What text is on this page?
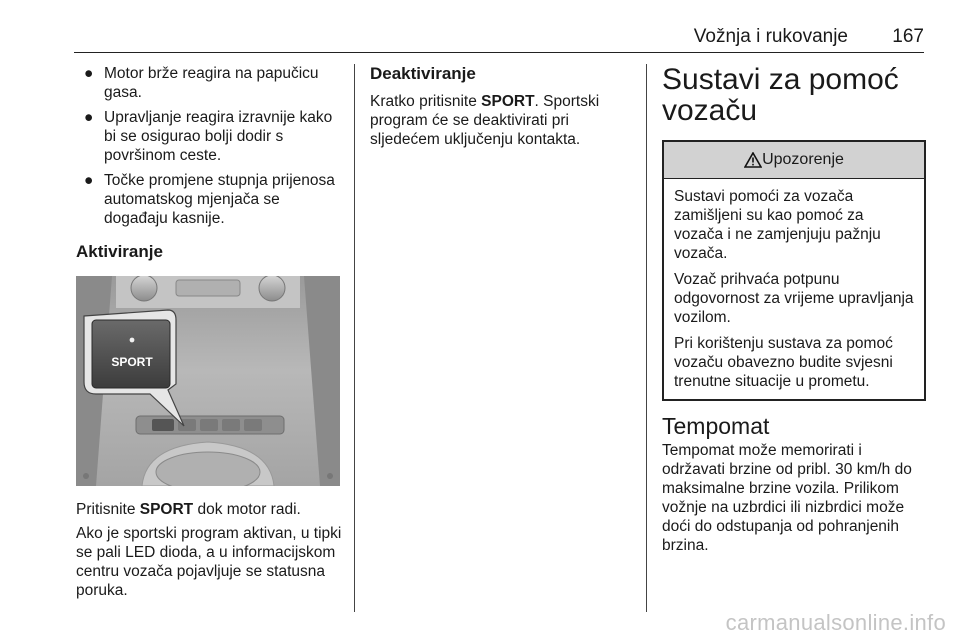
Vožnja i rukovanje 167
● Motor brže reagira na papučicu gasa.
● Upravljanje reagira izravnije kako bi se osigurao bolji dodir s površinom ceste.
● Točke promjene stupnja prijenosa automatskog mjenjača se događaju kasnije.
Aktiviranje
SPORT

Pritisnite SPORT dok motor radi.

Ako je sportski program aktivan, u tipki se pali LED dioda, a u informacijskom centru vozača pojavljuje se statusna poruka.

Deaktiviranje

Kratko pritisnite SPORT. Sportski program će se deaktivirati pri sljedećem uključenju kontakta.

Sustavi za pomoć
vozaču
Upozorenje

Sustavi pomoći za vozača zamišljeni su kao pomoć za vozača i ne zamjenjuju pažnju vozača.

Vozač prihvaća potpunu odgovornost za vrijeme upravljanja vozilom.

Pri korištenju sustava za pomoć vozaču obavezno budite svjesni trenutne situacije u prometu.

Tempomat

Tempomat može memorirati i održavati brzine od pribl. 30 km/h do maksimalne brzine vozila. Prilikom vožnje na uzbrdici ili nizbrdici može doći do odstupanja od pohranjenih brzina.

carmanualsonline.info
